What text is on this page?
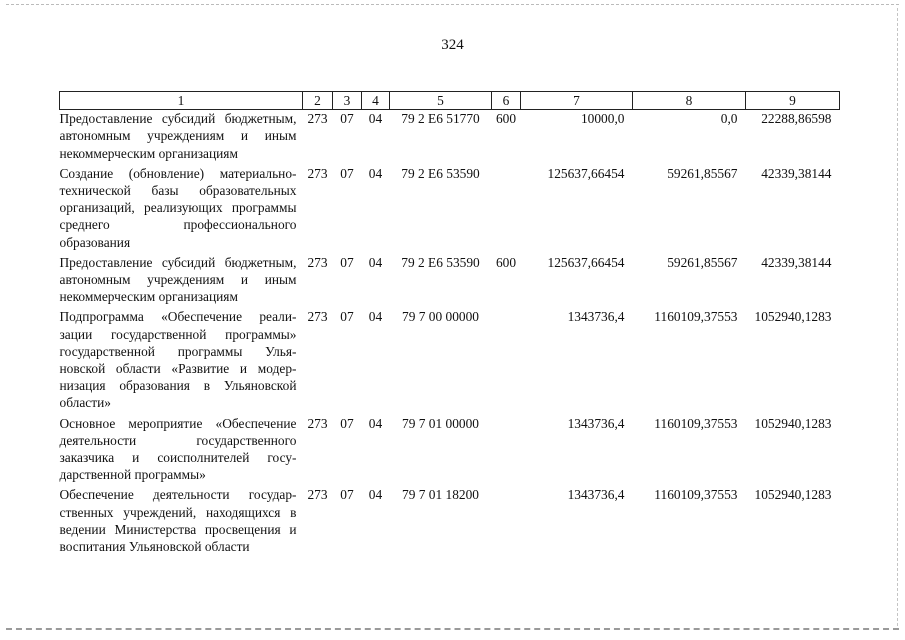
324
1	2	3	4	5	6	7	8	9
Предоставление субсидий бюджетным, автономным учреждениям и иным некоммерческим организациям	273	07	04	79 2 Е6 51770	600	10000,0	0,0	22288,86598
Создание (обновление) материально-технической базы образовательных организаций, реализующих программы среднего профессионального образования	273	07	04	79 2 Е6 53590		125637,66454	59261,85567	42339,38144
Предоставление субсидий бюджетным, автономным учреждениям и иным некоммерческим организациям	273	07	04	79 2 Е6 53590	600	125637,66454	59261,85567	42339,38144
Подпрограмма «Обеспечение реализации государственной программы» государственной программы Ульяновской области «Развитие и модернизация образования в Ульяновской области»	273	07	04	79 7 00 00000		1343736,4	1160109,37553	1052940,1283
Основное мероприятие «Обеспечение деятельности государственного заказчика и соисполнителей государственной программы»	273	07	04	79 7 01 00000		1343736,4	1160109,37553	1052940,1283
Обеспечение деятельности государственных учреждений, находящихся в ведении Министерства просвещения и воспитания Ульяновской области	273	07	04	79 7 01 18200		1343736,4	1160109,37553	1052940,1283
